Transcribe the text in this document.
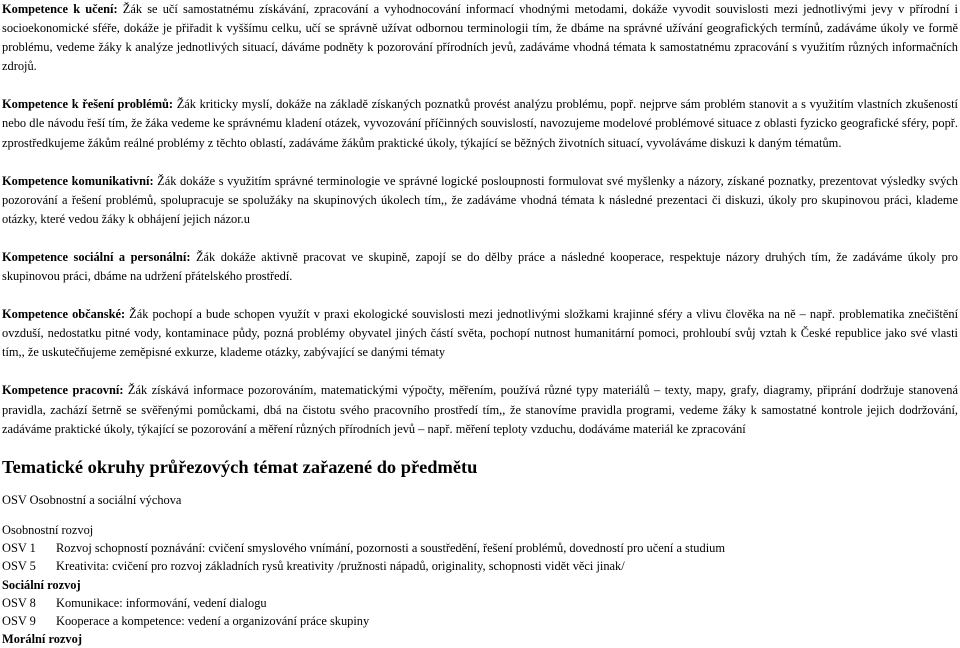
Kompetence k učení: Žák se učí samostatnému získávání, zpracování a vyhodnocování informací vhodnými metodami, dokáže vyvodit souvislosti mezi jednotlivými jevy v přírodní i socioekonomické sféře, dokáže je přiřadit k vyššímu celku, učí se správně užívat odbornou terminologii tím, že dbáme na správné užívání geografických termínů, zadáváme úkoly ve formě problému, vedeme žáky k analýze jednotlivých situací, dáváme podněty k pozorování přírodních jevů, zadáváme vhodná témata k samostatnému zpracování s využitím různých informačních zdrojů.

Kompetence k řešení problémů: Žák kriticky myslí, dokáže na základě získaných poznatků provést analýzu problému, popř. nejprve sám problém stanovit a s využitím vlastních zkušeností nebo dle návodu řeší tím, že žáka vedeme ke správnému kladení otázek, vyvozování příčinných souvislostí, navozujeme modelové problémové situace z oblasti fyzicko geografické sféry, popř. zprostředkujeme žákům reálné problémy z těchto oblastí, zadáváme žákům praktické úkoly, týkající se běžných životních situací, vyvoláváme diskuzi k daným tématům.

Kompetence komunikativní: Žák dokáže s využitím správné terminologie ve správné logické posloupnosti formulovat své myšlenky a názory, získané poznatky, prezentovat výsledky svých pozorování a řešení problémů, spolupracuje se spolužáky na skupinových úkolech tím,, že zadáváme vhodná témata k následné prezentaci či diskuzi, úkoly pro skupinovou práci, klademe otázky, které vedou žáky k obhájení jejich názor.u

Kompetence sociální a personální: Žák dokáže aktivně pracovat ve skupině, zapojí se do dělby práce a následné kooperace, respektuje názory druhých tím, že zadáváme úkoly pro skupinovou práci, dbáme na udržení přátelského prostředí.

Kompetence občanské: Žák pochopí a bude schopen využít v praxi ekologické souvislosti mezi jednotlivými složkami krajinné sféry a vlivu člověka na ně – např. problematika znečištění ovzduší, nedostatku pitné vody, kontaminace půdy, pozná problémy obyvatel jiných částí světa, pochopí nutnost humanitární pomoci, prohloubí svůj vztah k České republice jako své vlasti tím,, že uskutečňujeme zeměpisné exkurze, klademe otázky, zabývající se danými tématy

Kompetence pracovní: Žák získává informace pozorováním, matematickými výpočty, měřením, používá různé typy materiálů – texty, mapy, grafy, diagramy, připrání dodržuje stanovená pravidla, zachází šetrně se svěřenými pomůckami, dbá na čistotu svého pracovního prostředí tím,, že stanovíme pravidla programi, vedeme žáky k samostatné kontrole jejich dodržování, zadáváme praktické úkoly, týkající se pozorování a měření různých přírodních jevů – např. měření teploty vzduchu, dodáváme materiál ke zpracování

Tematické okruhy průřezových témat zařazené do předmětu

OSV Osobnostní a sociální výchova

Osobnostní rozvoj

OSV 1 Rozvoj schopností poznávání: cvičení smyslového vnímání, pozornosti a soustředění, řešení problémů, dovedností pro učení a studium

OSV 5 Kreativita: cvičení pro rozvoj základních rysů kreativity /pružnosti nápadů, originality, schopnosti vidět věci jinak/

Sociální rozvoj

OSV 8 Komunikace: informování, vedení dialogu

OSV 9 Kooperace a kompetence: vedení a organizování práce skupiny

Morální rozvoj
